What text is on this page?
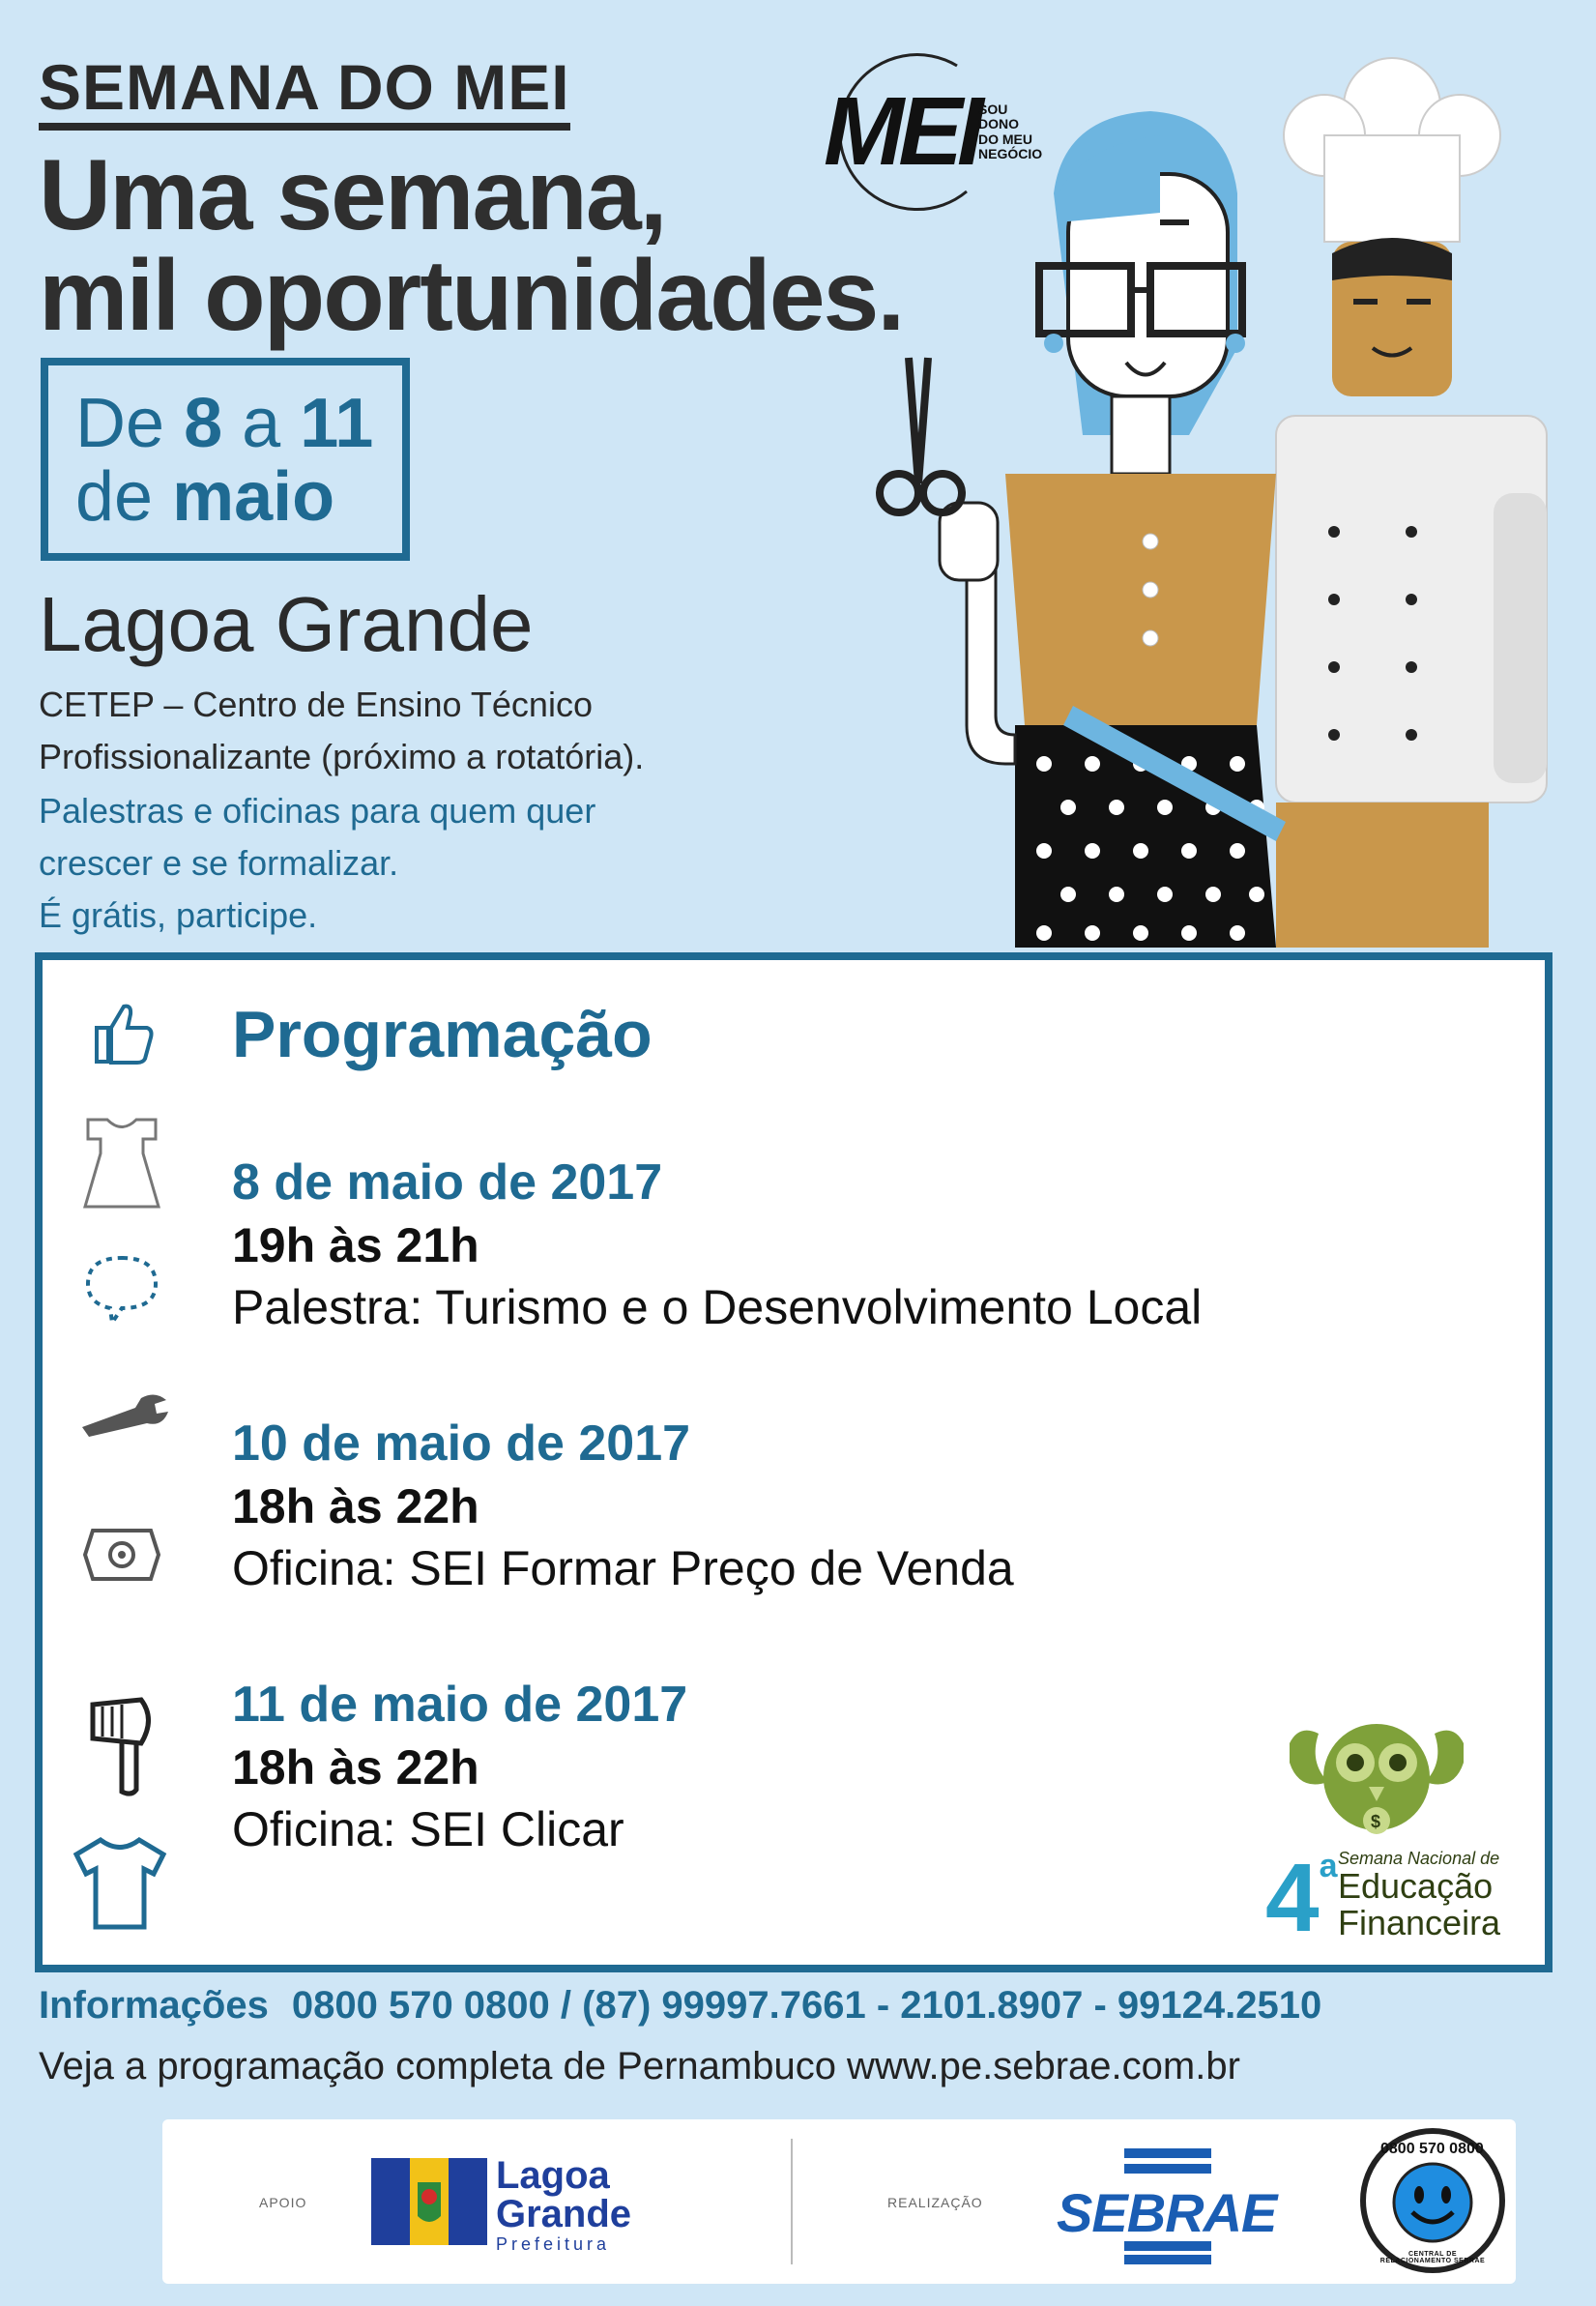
SEMANA DO MEI
Uma semana,
mil oportunidades.
MEI SOU DONO
DO MEU
NEGÓCIO
De 8 a 11
de maio
Lagoa Grande
CETEP – Centro de Ensino Técnico
Profissionalizante (próximo a rotatória).
Palestras e oficinas para quem quer
crescer e se formalizar.
É grátis, participe.
Programação
8 de maio de 2017
19h às 21h
Palestra: Turismo e o Desenvolvimento Local
10 de maio de 2017
18h às 22h
Oficina: SEI Formar Preço de Venda
11 de maio de 2017
18h às 22h
Oficina: SEI Clicar	$
4$^a$ Semana Nacional de
Educação
Financeira
Informações 0800 570 0800 / (87) 99997.7661 - 2101.8907 - 99124.2510
Veja a programação completa de Pernambuco www.pe.sebrae.com.br
APOIO
Lagoa
Grande
Prefeitura
REALIZAÇÃO SEBRAE
0800 570 0800
CENTRAL DE RELACIONAMENTO SEBRAE
